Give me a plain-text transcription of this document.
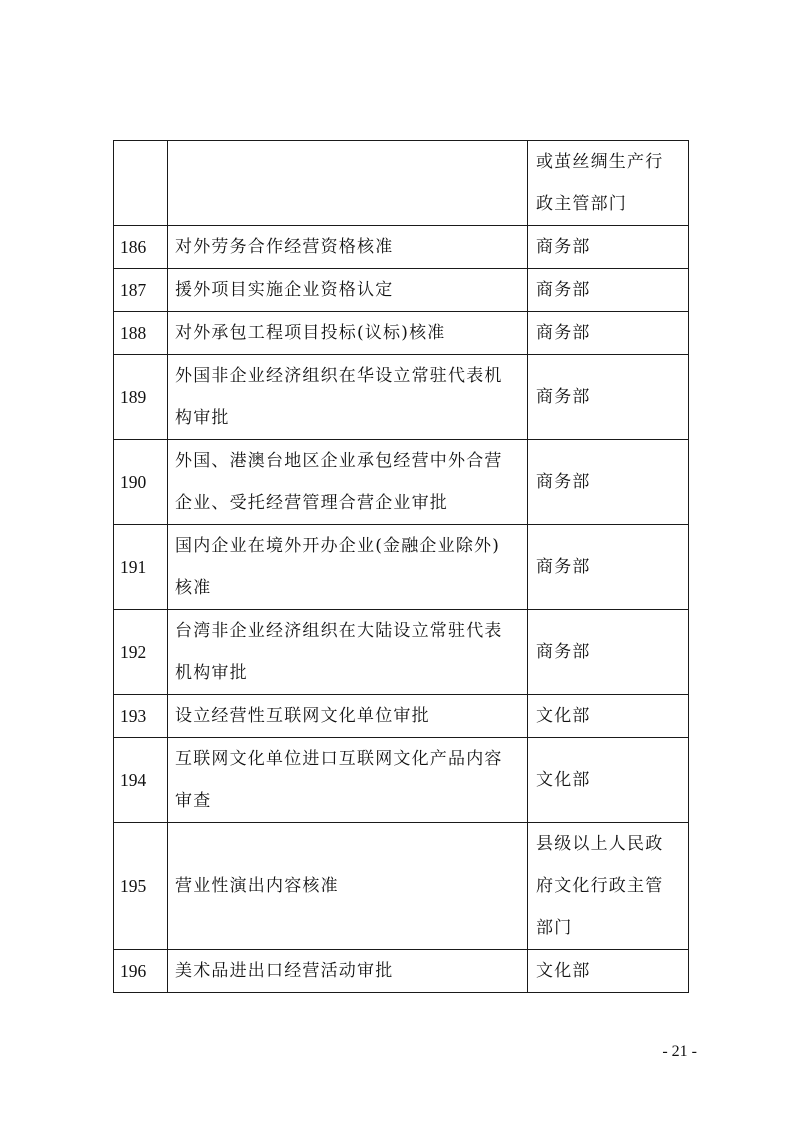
		或茧丝绸生产行
政主管部门

186	对外劳务合作经营资格核准	商务部

187	援外项目实施企业资格认定	商务部

188	对外承包工程项目投标(议标)核准	商务部

189	外国非企业经济组织在华设立常驻代表机
构审批	商务部

190	外国、港澳台地区企业承包经营中外合营
企业、受托经营管理合营企业审批	商务部

191	国内企业在境外开办企业(金融企业除外)
核准	商务部

192	台湾非企业经济组织在大陆设立常驻代表
机构审批	商务部

193	设立经营性互联网文化单位审批	文化部

194	互联网文化单位进口互联网文化产品内容
审查	文化部

195	营业性演出内容核准	县级以上人民政
府文化行政主管
部门

196	美术品进出口经营活动审批	文化部
- 21 -
